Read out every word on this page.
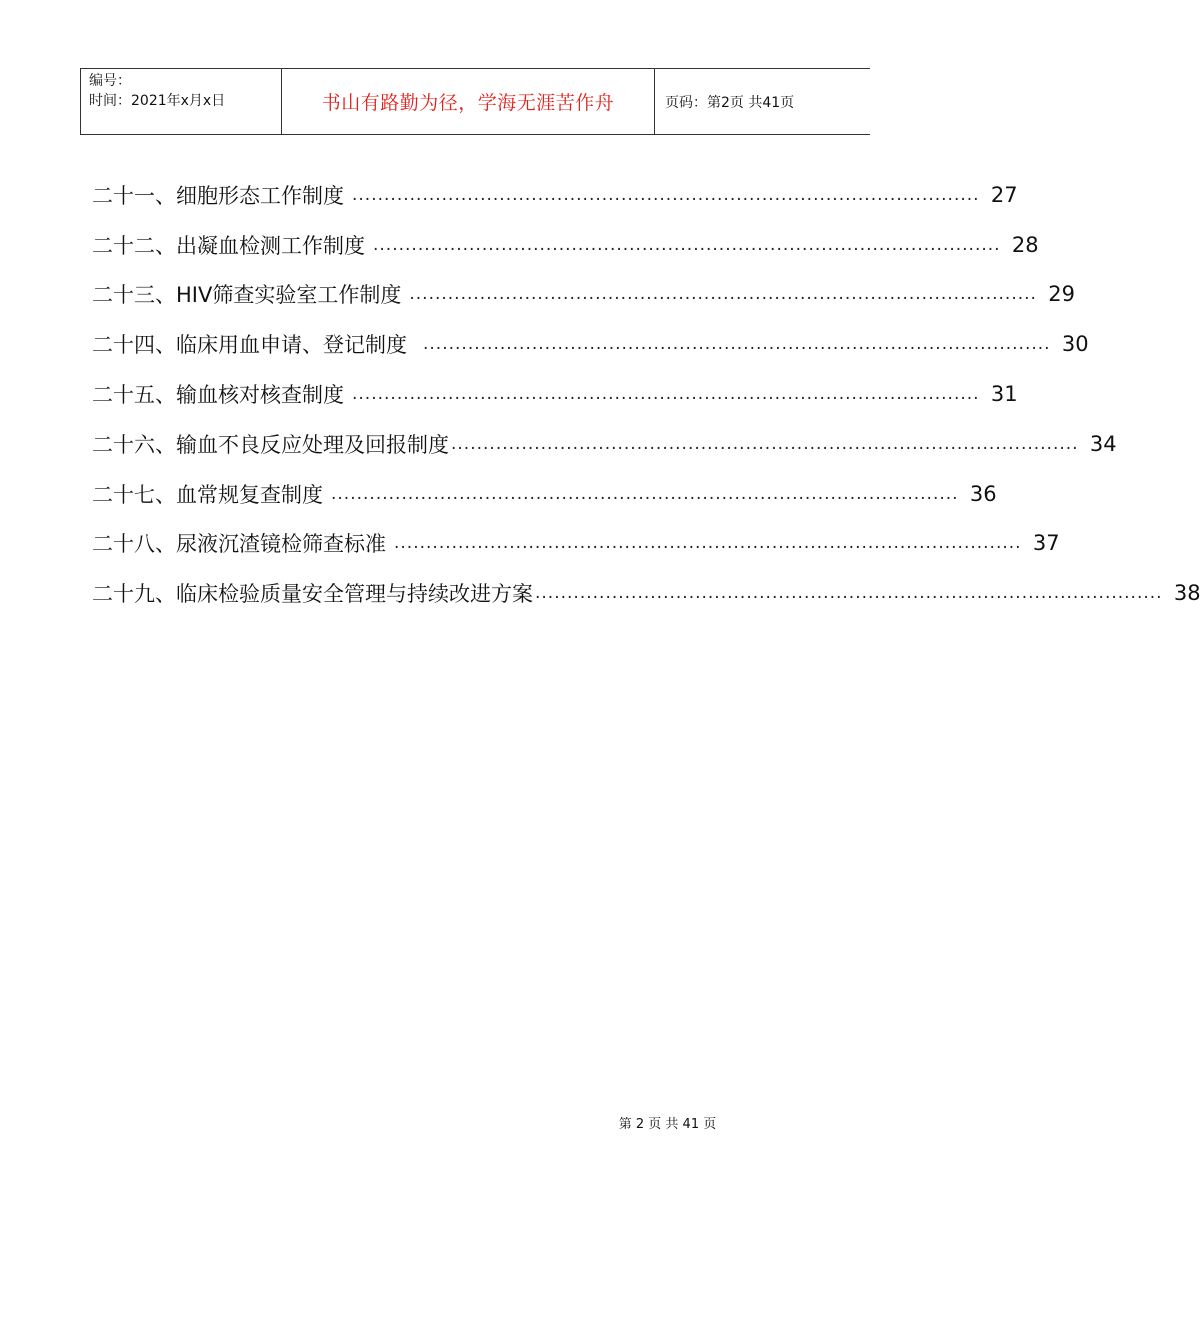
编号：
时间：2021年x月x日	书山有路勤为径，学海无涯苦作舟	页码：第2页 共41页
二十一、 细胞形态工作制度 .................................................................................................. 27
二十二、 出凝血检测工作制度 .................................................................................................. 28
二十三、 HIV筛查实验室工作制度 .................................................................................................. 29
二十四、 临床用血申请、登记制度 .................................................................................................. 30
二十五、 输血核对核查制度 .................................................................................................. 31
二十六、 输血不良反应处理及回报制度 .................................................................................................. 34
二十七、 血常规复查制度 .................................................................................................. 36
二十八、 尿液沉渣镜检筛查标准 .................................................................................................. 37
二十九、 临床检验质量安全管理与持续改进方案 .................................................................................................. 38
第 2 页 共 41 页
